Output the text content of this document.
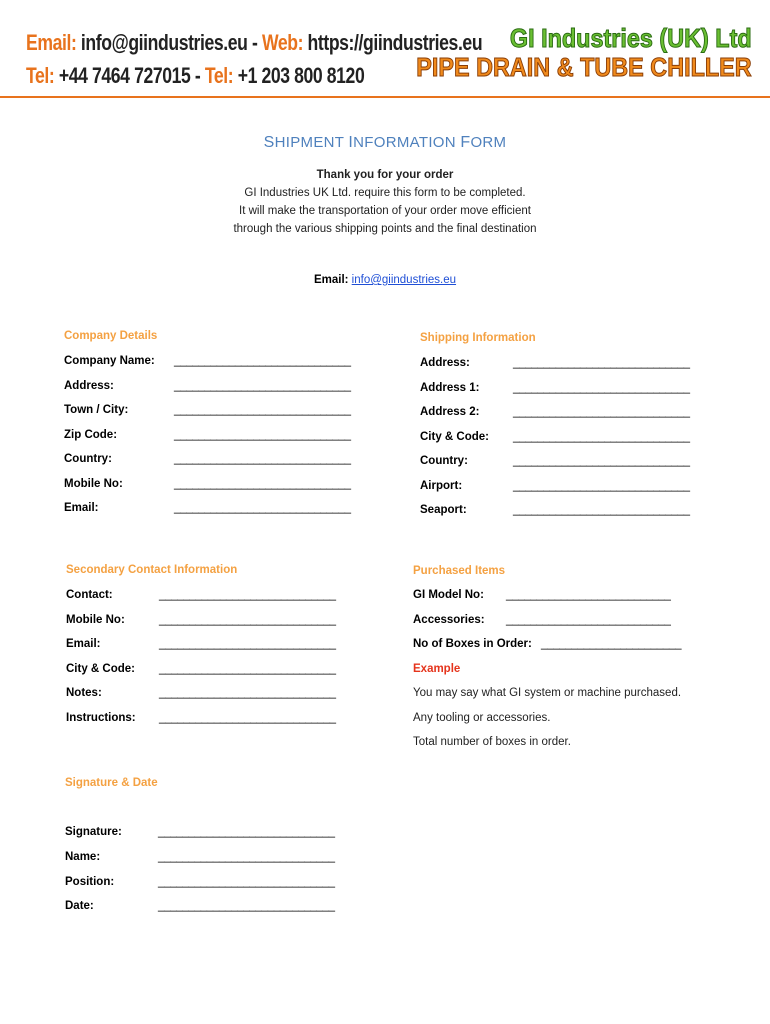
Email: info@giindustries.eu - Web: https://giindustries.eu
Tel: +44 7464 727015 - Tel: +1 203 800 8120
GI Industries (UK) Ltd
PIPE DRAIN & TUBE CHILLER
SHIPMENT INFORMATION FORM
Thank you for your order
GI Industries UK Ltd. require this form to be completed.
It will make the transportation of your order move efficient
through the various shipping points and the final destination
Email: info@giindustries.eu
Company Details
Company Name: _____________________________
Address:	_____________________________
Town / City:	_____________________________
Zip Code:	_____________________________
Country:	_____________________________
Mobile No:	_____________________________
Email:	_____________________________
Shipping Information
Address:	_____________________________
Address 1:	_____________________________
Address 2:	_____________________________
City & Code: _____________________________
Country:	_____________________________
Airport:	_____________________________
Seaport:	_____________________________
Secondary Contact Information
Contact:	_____________________________
Mobile No:	_____________________________
Email:	_____________________________
City & Code: _____________________________
Notes:	_____________________________
Instructions: _____________________________
Purchased Items
GI Model No: ___________________________
Accessories: ___________________________
No of Boxes in Order: _______________________
Example
You may say what GI system or machine purchased.
Any tooling or accessories.
Total number of boxes in order.
Signature & Date
Signature:	_____________________________
Name:	_____________________________
Position:	_____________________________
Date:	_____________________________
